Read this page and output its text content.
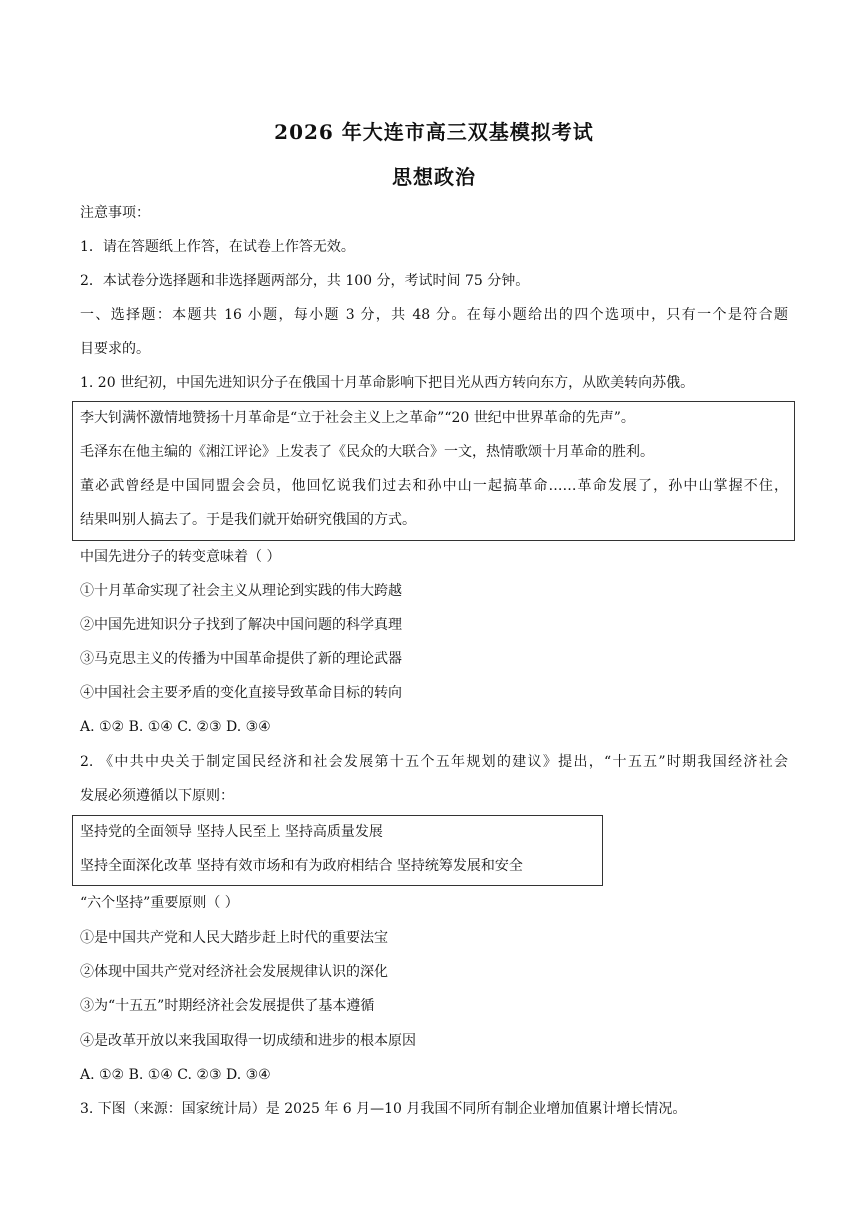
2026 年大连市高三双基模拟考试
思想政治
注意事项：
1．请在答题纸上作答，在试卷上作答无效。
2．本试卷分选择题和非选择题两部分，共 100 分，考试时间 75 分钟。
一、选择题：本题共 16 小题，每小题 3 分，共 48 分。在每小题给出的四个选项中，只有一个是符合题
目要求的。
1. 20 世纪初，中国先进知识分子在俄国十月革命影响下把目光从西方转向东方，从欧美转向苏俄。
李大钊满怀激情地赞扬十月革命是“立于社会主义上之革命”“20 世纪中世界革命的先声”。
毛泽东在他主编的《湘江评论》上发表了《民众的大联合》一文，热情歌颂十月革命的胜利。
董必武曾经是中国同盟会会员，他回忆说我们过去和孙中山一起搞革命……革命发展了，孙中山掌握不住，
结果叫别人搞去了。于是我们就开始研究俄国的方式。
中国先进分子的转变意味着（ ）
①十月革命实现了社会主义从理论到实践的伟大跨越
②中国先进知识分子找到了解决中国问题的科学真理
③马克思主义的传播为中国革命提供了新的理论武器
④中国社会主要矛盾的变化直接导致革命目标的转向
A. ①② B. ①④ C. ②③ D. ③④
2. 《中共中央关于制定国民经济和社会发展第十五个五年规划的建议》提出，“十五五”时期我国经济社会
发展必须遵循以下原则：
坚持党的全面领导 坚持人民至上 坚持高质量发展
坚持全面深化改革 坚持有效市场和有为政府相结合 坚持统筹发展和安全
“六个坚持”重要原则（ ）
①是中国共产党和人民大踏步赶上时代的重要法宝
②体现中国共产党对经济社会发展规律认识的深化
③为“十五五”时期经济社会发展提供了基本遵循
④是改革开放以来我国取得一切成绩和进步的根本原因
A. ①② B. ①④ C. ②③ D. ③④
3. 下图（来源：国家统计局）是 2025 年 6 月—10 月我国不同所有制企业增加值累计增长情况。
